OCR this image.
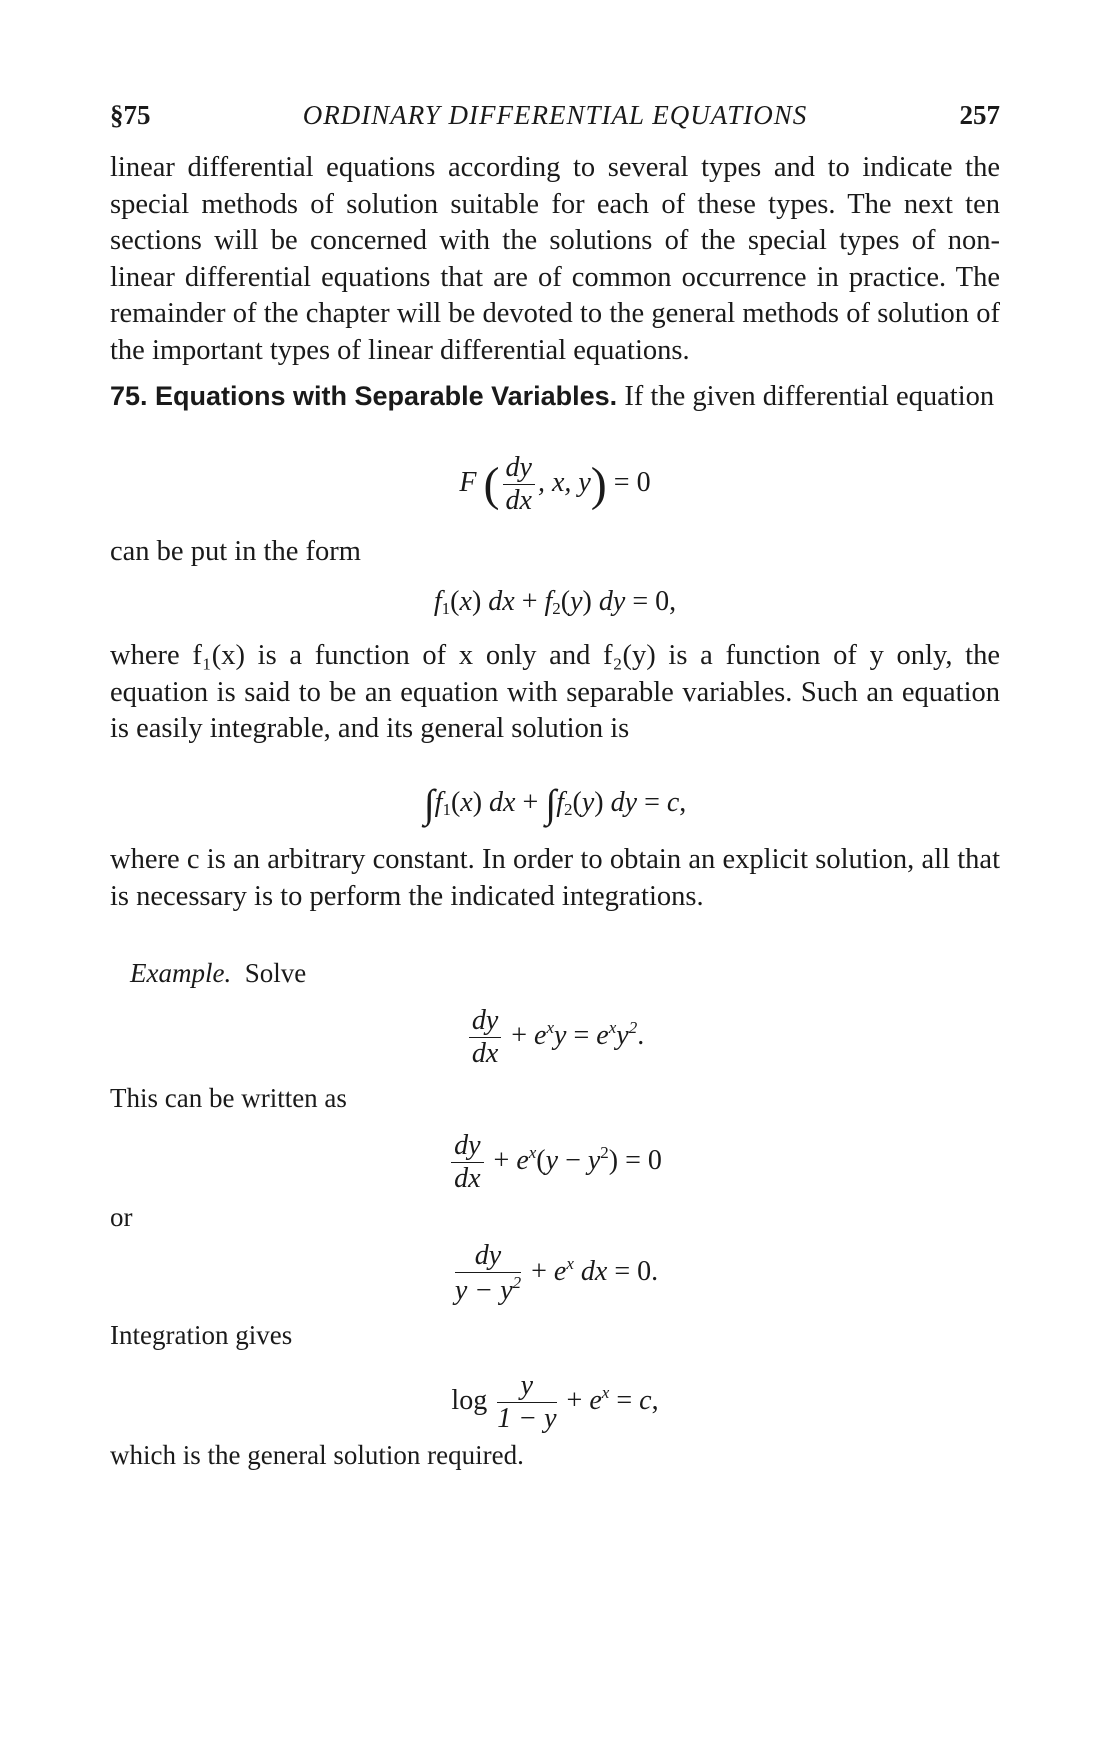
ORDINARY DIFFERENTIAL EQUATIONS
§75	257

linear differential equations according to several types and to indicate the special methods of solution suitable for each of these types. The next ten sections will be concerned with the solutions of the special types of non-linear differential equations that are of common occurrence in practice. The remainder of the chapter will be devoted to the general methods of solution of the important types of linear differential equations.

75. Equations with Separable Variables. If the given differential equation

F ( $\frac{dy}{dx}$ , x, y) = 0

can be put in the form

$f_1(x)$ dx + $f_2(y)$ dy = 0,

where f₁(x) is a function of x only and f₂(y) is a function of y only, the equation is said to be an equation with separable variables. Such an equation is easily integrable, and its general solution is

$\int f_1(x)$ dx + $\int f_2(y)$ dy = c,

where c is an arbitrary constant. In order to obtain an explicit solution, all that is necessary is to perform the indicated integrations.

Example. Solve
$\frac{dy}{dx} + e^xy = e^xy^2$.
This can be written as
$\frac{dy}{dx} + e^x(y - y^2) = 0$
or
$\frac{dy}{y - y^2} + e^x$ dx = 0.
Integration gives
$\log \frac{y}{1 - y} + e^x = c$,
which is the general solution required.
